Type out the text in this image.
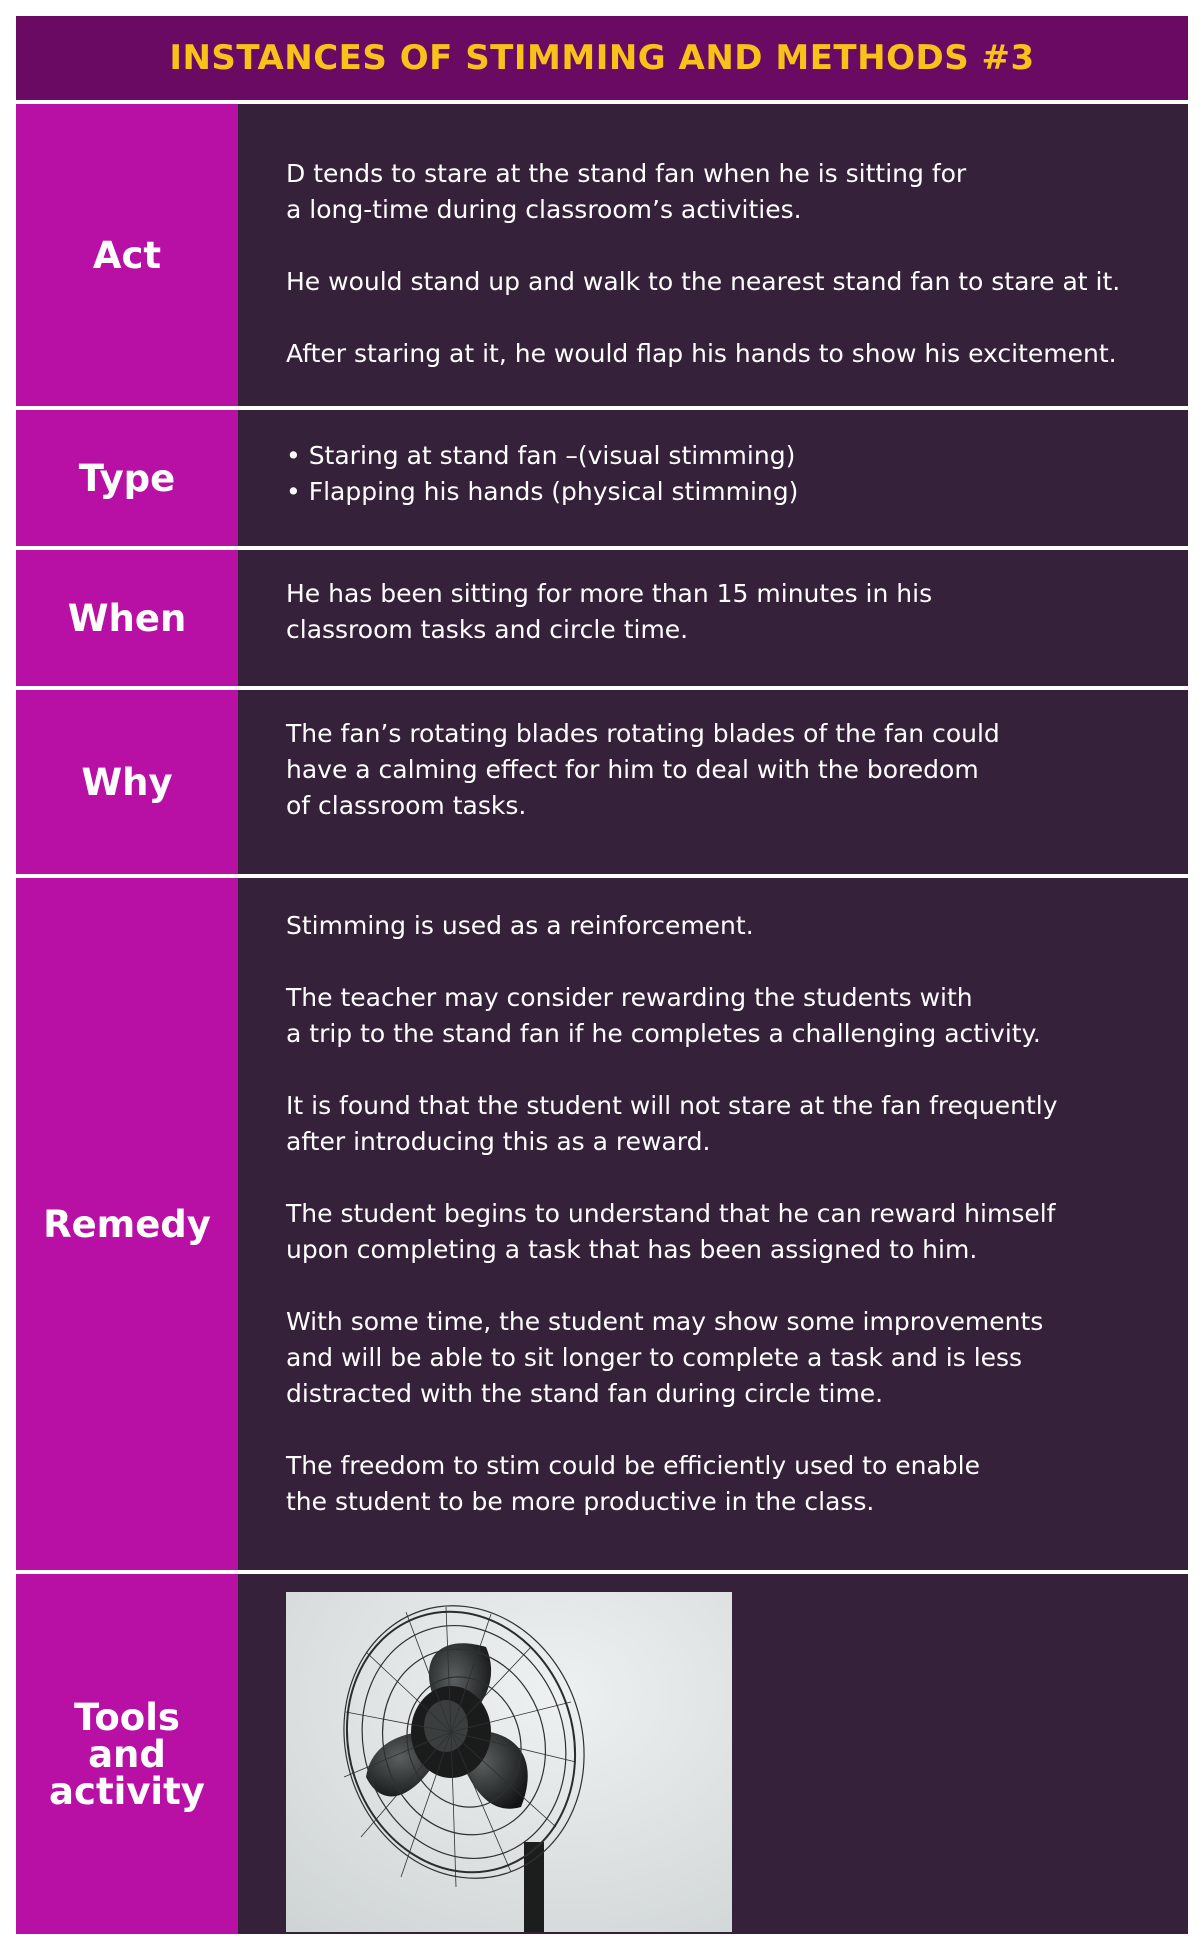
INSTANCES OF STIMMING AND METHODS #3
Act

D tends to stare at the stand fan when he is sitting for
a long-time during classroom’s activities.

He would stand up and walk to the nearest stand fan to stare at it.

After staring at it, he would flap his hands to show his excitement.

Type

• Staring at stand fan –(visual stimming)

• Flapping his hands (physical stimming)

When

He has been sitting for more than 15 minutes in his
classroom tasks and circle time.

Why

The fan’s rotating blades rotating blades of the fan could
have a calming effect for him to deal with the boredom
of classroom tasks.

Remedy

Stimming is used as a reinforcement.

The teacher may consider rewarding the students with
a trip to the stand fan if he completes a challenging activity.

It is found that the student will not stare at the fan frequently
after introducing this as a reward.

The student begins to understand that he can reward himself
upon completing a task that has been assigned to him.

With some time, the student may show some improvements
and will be able to sit longer to complete a task and is less
distracted with the stand fan during circle time.

The freedom to stim could be efficiently used to enable
the student to be more productive in the class.

Tools
and
activity
